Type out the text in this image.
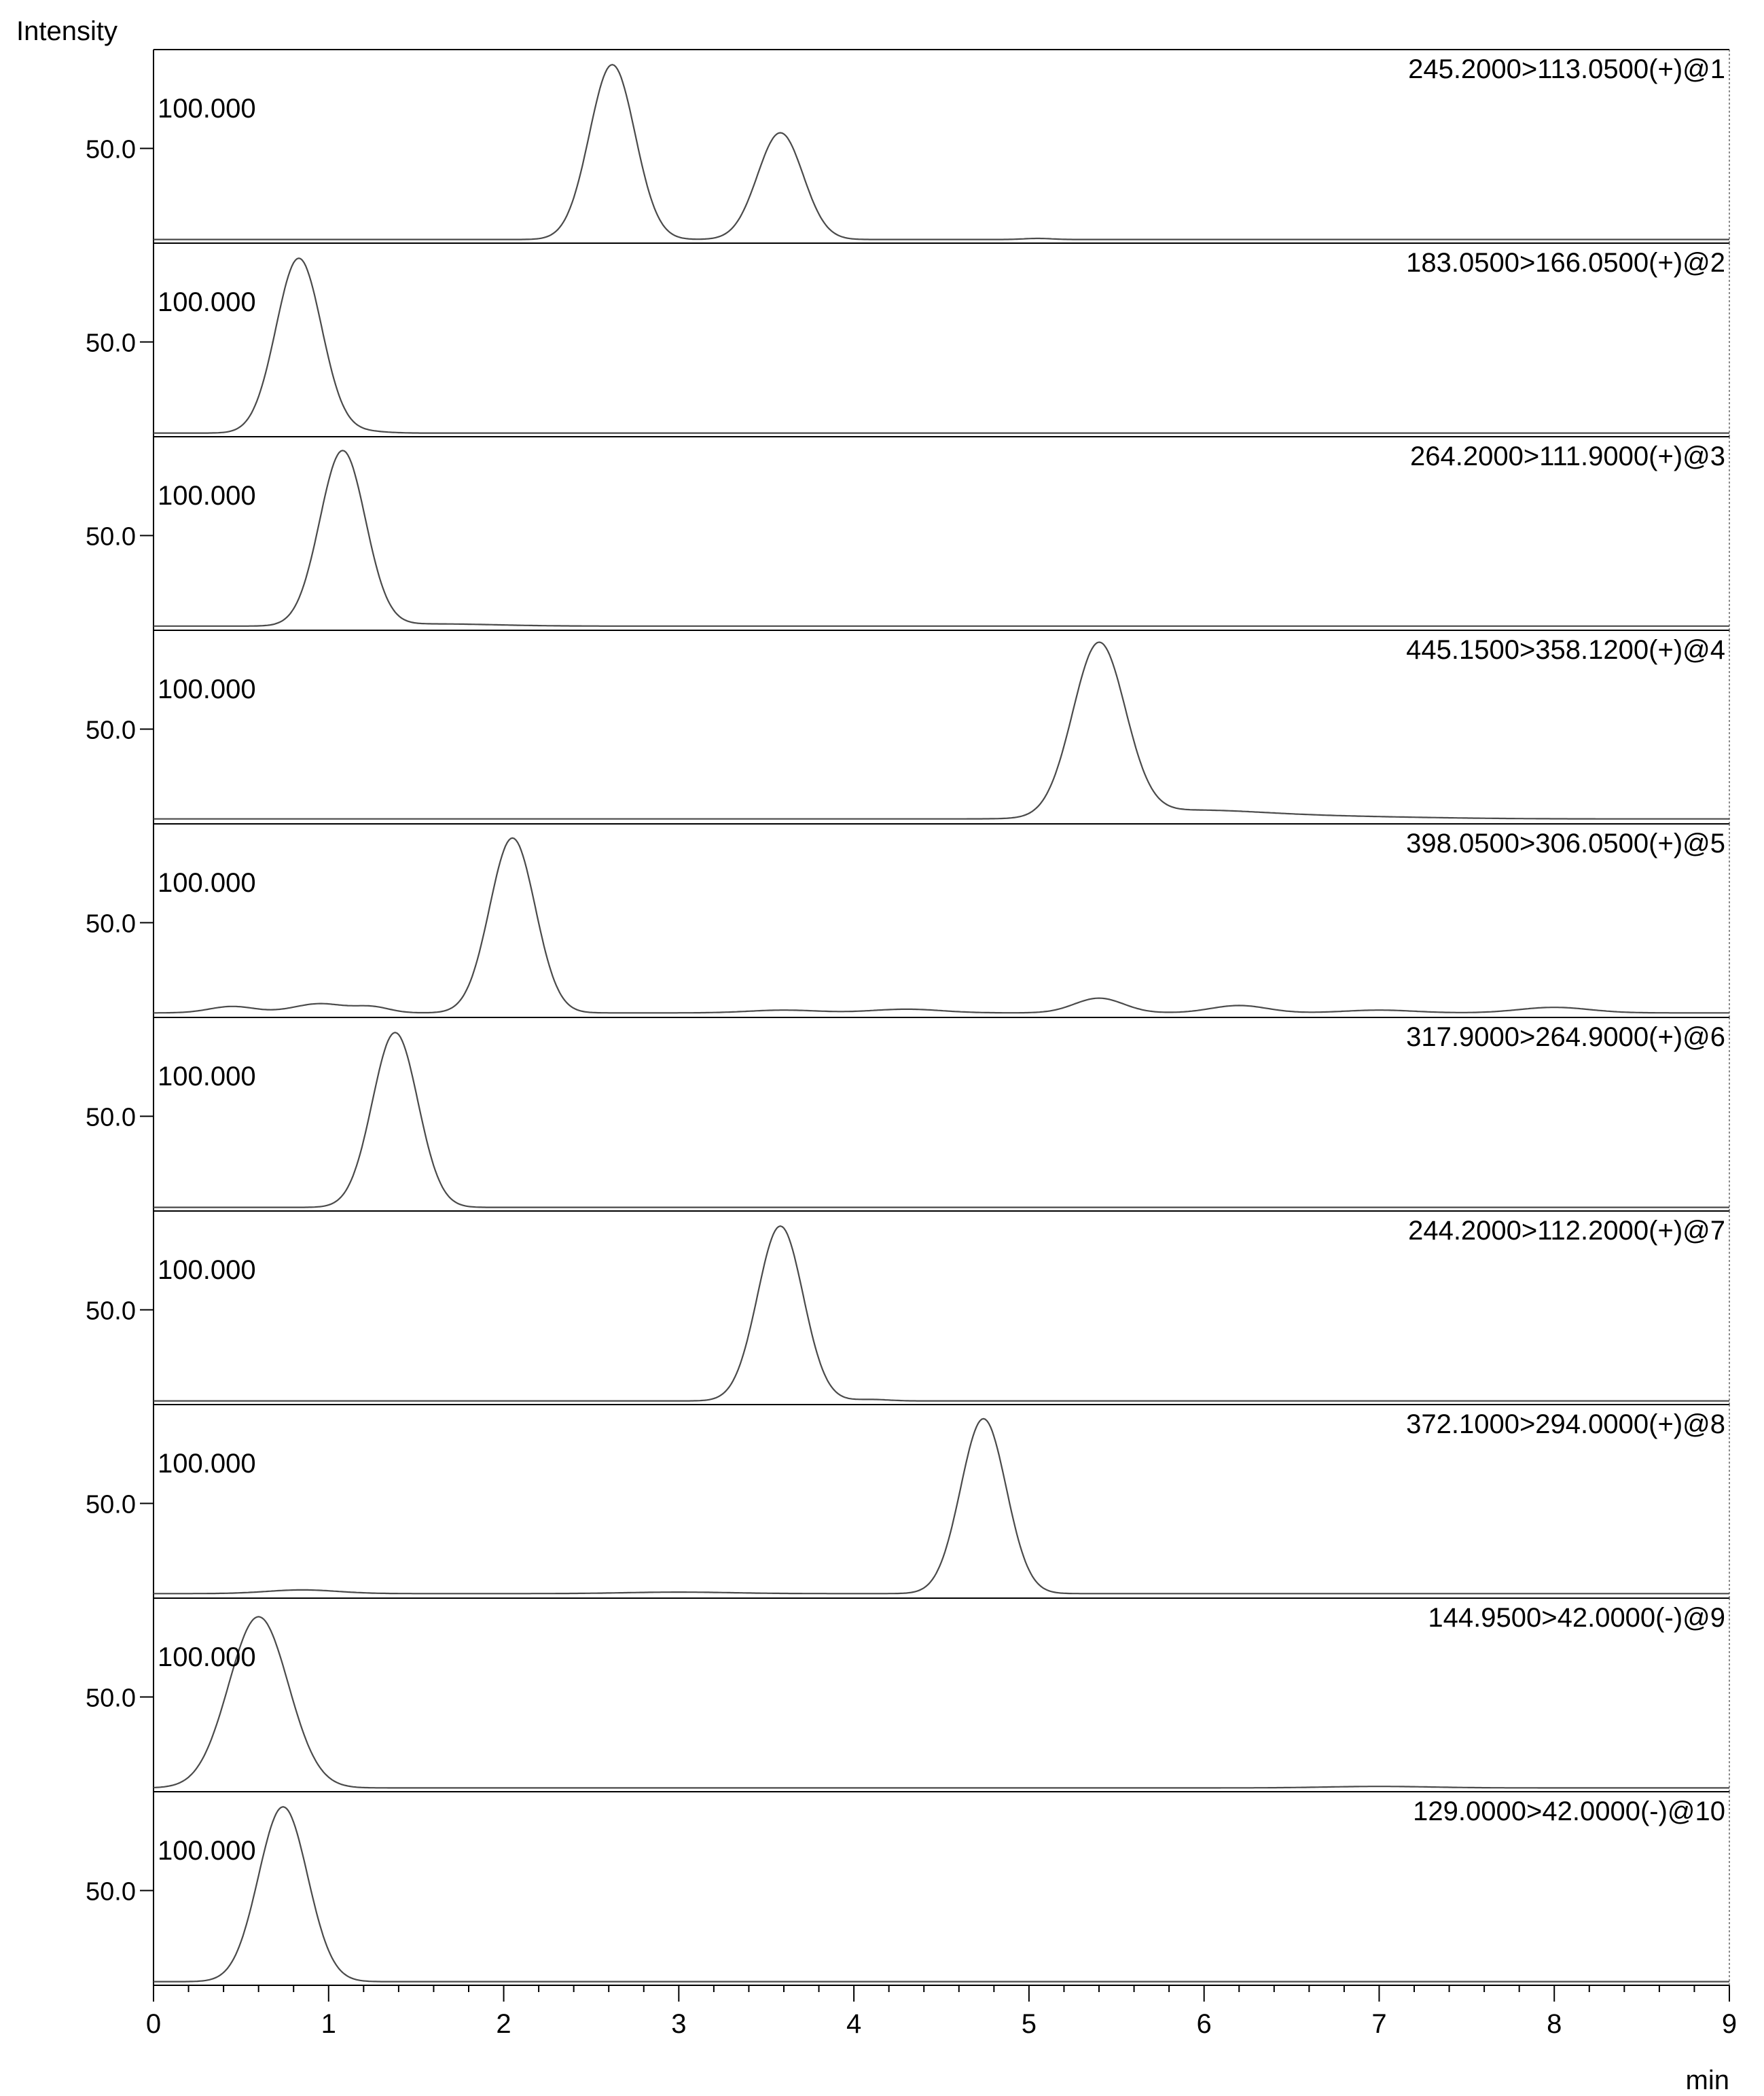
Intensity
50.0
100.000
245.2000>113.0500(+)@1
50.0
100.000
183.0500>166.0500(+)@2
50.0
100.000
264.2000>111.9000(+)@3
50.0
100.000
445.1500>358.1200(+)@4
50.0
100.000
398.0500>306.0500(+)@5
50.0
100.000
317.9000>264.9000(+)@6
50.0
100.000
244.2000>112.2000(+)@7
50.0
100.000
372.1000>294.0000(+)@8
50.0
100.000
144.9500>42.0000(-)@9
50.0
100.000
129.0000>42.0000(-)@10
0	1	2	3	4	5	6	7	8	9
min
